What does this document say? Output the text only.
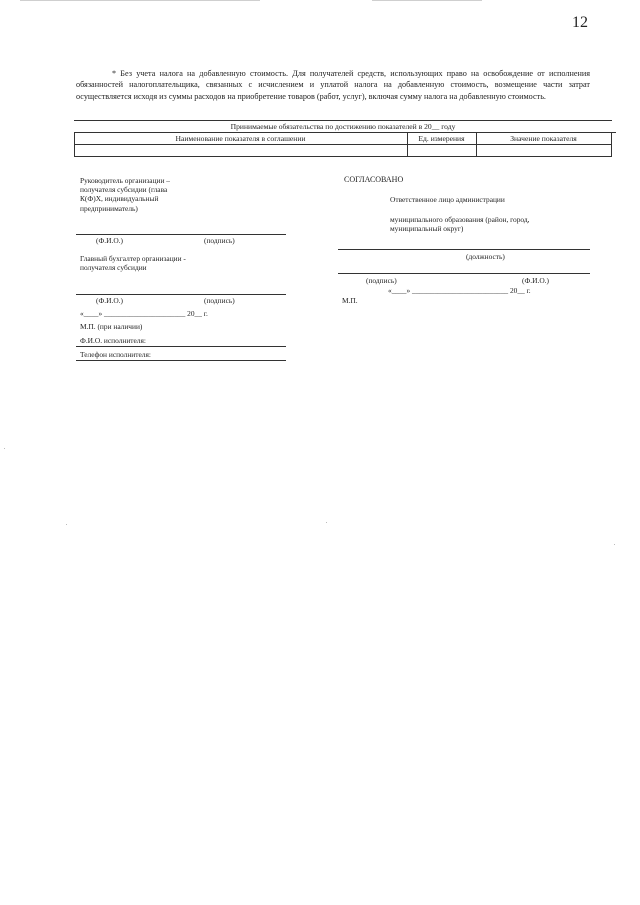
12
* Без учета налога на добавленную стоимость. Для получателей средств, использующих право на освобождение от исполнения обязанностей налогоплательщика, связанных с исчислением и уплатой налога на добавленную стоимость, возмещение части затрат осуществляется исходя из суммы расходов на приобретение товаров (работ, услуг), включая сумму налога на добавленную стоимость.
Принимаемые обязательства по достижению показателей в 20__ году
Наименование показателя в соглашении	Ед. измерения	Значение показателя
Руководитель организации –
получателя субсидии (глава
К(Ф)Х, индивидуальный
предприниматель)
(Ф.И.О.)	(подпись)
Главный бухгалтер организации -
получателя субсидии
(Ф.И.О.)	(подпись)
«____» ______________________ 20__ г.
М.П. (при наличии)
Ф.И.О. исполнителя:
Телефон исполнителя:
СОГЛАСОВАНО
Ответственное лицо администрации
муниципального образования (район, город,
муниципальный округ)
(должность)
(подпись)	(Ф.И.О.)
«____» __________________________ 20__ г.
М.П.
